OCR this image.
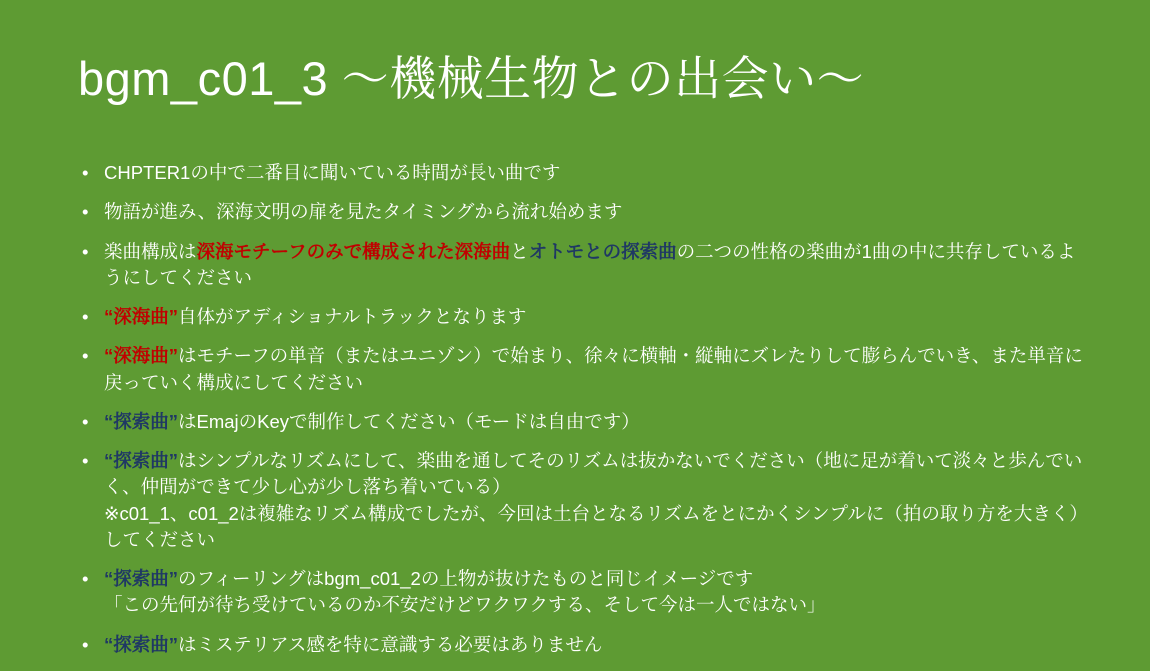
bgm_c01_3 ～機械生物との出会い～
• CHPTER1の中で二番目に聞いている時間が長い曲です
• 物語が進み、深海文明の扉を見たタイミングから流れ始めます
• 楽曲構成は深海モチーフのみで構成された深海曲とオトモとの探索曲の二つの性格の楽曲が1曲の中に共存しているようにしてください
• “深海曲”自体がアディショナルトラックとなります
• “深海曲”はモチーフの単音（またはユニゾン）で始まり、徐々に横軸・縦軸にズレたりして膨らんでいき、また単音に戻っていく構成にしてください
• “探索曲”はEmajのKeyで制作してください（モードは自由です）
• “探索曲”はシンプルなリズムにして、楽曲を通してそのリズムは抜かないでください（地に足が着いて淡々と歩んでいく、仲間ができて少し心が少し落ち着いている）
※c01_1、c01_2は複雑なリズム構成でしたが、今回は土台となるリズムをとにかくシンプルに（拍の取り方を大きく）してください
• “探索曲”のフィーリングはbgm_c01_2の上物が抜けたものと同じイメージです
「この先何が待ち受けているのか不安だけどワクワクする、そして今は一人ではない」
• “探索曲”はミステリアス感を特に意識する必要はありません
